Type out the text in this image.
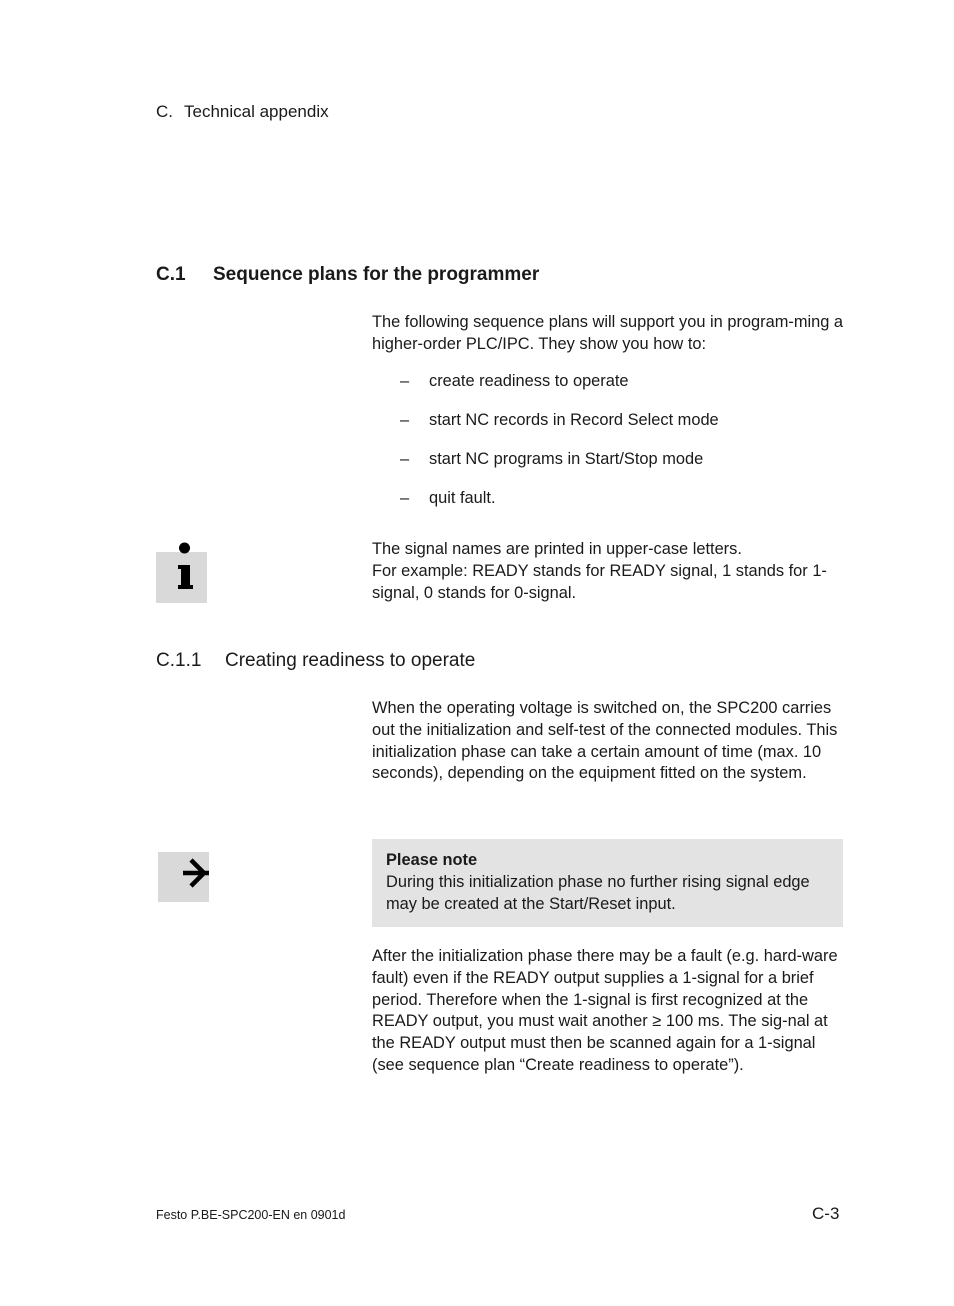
C. Technical appendix
C.1 Sequence plans for the programmer

The following sequence plans will support you in program-ming a higher-order PLC/IPC. They show you how to:

– create readiness to operate
– start NC records in Record Select mode
– start NC programs in Start/Stop mode
– quit fault.

The signal names are printed in upper-case letters.

For example: READY stands for READY signal, 1 stands for 1-signal, 0 stands for 0-signal.

C.1.1 Creating readiness to operate

When the operating voltage is switched on, the SPC200 carries out the initialization and self-test of the connected modules. This initialization phase can take a certain amount of time (max. 10 seconds), depending on the equipment fitted on the system.

Please note
During this initialization phase no further rising signal edge may be created at the Start/Reset input.

After the initialization phase there may be a fault (e.g. hard-ware fault) even if the READY output supplies a 1-signal for a brief period. Therefore when the 1-signal is first recognized at the READY output, you must wait another ≥ 100 ms. The sig-nal at the READY output must then be scanned again for a 1-signal (see sequence plan “Create readiness to operate”).

Festo P.BE-SPC200-EN en 0901d	C-3
